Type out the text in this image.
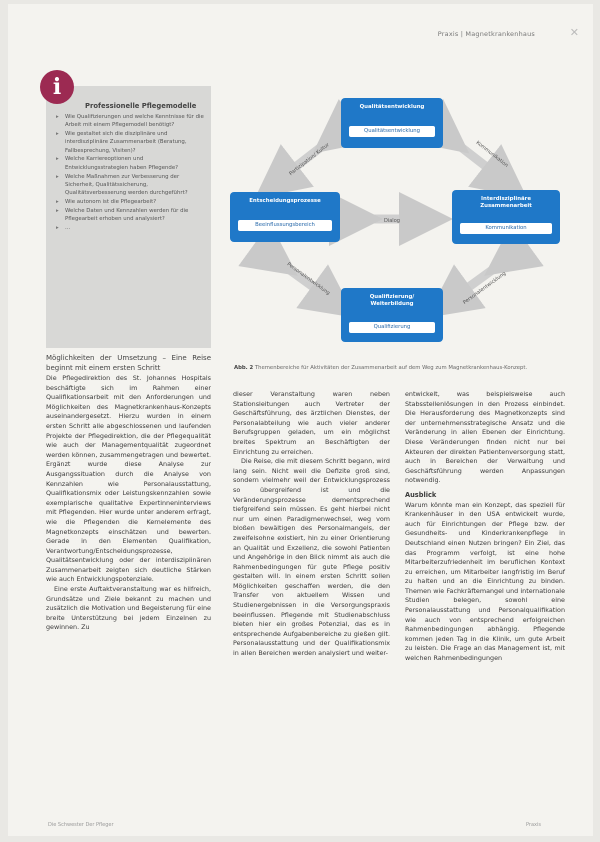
Praxis | Magnetkrankenhaus	✕
i
Professionelle Pflegemodelle
▸ Wie Qualifizierungen und welche Kenntnisse für die Arbeit mit einem Pflegemodell benötigt?
▸ Wie gestaltet sich die disziplinäre und interdisziplinäre Zusammenarbeit (Beratung, Fallbesprechung, Visiten)?
▸ Welche Karriereoptionen und Entwicklungsstrategien haben Pflegende?
▸ Welche Maßnahmen zur Verbesserung der Sicherheit, Qualitätssicherung, Qualitätsverbesserung werden durchgeführt?
▸ Wie autonom ist die Pflegearbeit?
▸ Welche Daten und Kennzahlen werden für die Pflegearbeit erhoben und analysiert?
▸ ...
Partizipation/ Kultur	Kommunikation
Dialog
Personalentwicklung	Personalentwicklung
Qualitätsentwicklung
Qualitätsentwicklung
Entscheidungsprozesse
Beeinflussungsbereich
Interdisziplinäre Zusammenarbeit
Kommunikation
Qualifizierung/ Weiterbildung
Qualifizierung
Abb. 2 Themenbereiche für Aktivitäten der Zusammenarbeit auf dem Weg zum Magnetkrankenhaus-Konzept.
Möglichkeiten der Umsetzung – Eine Reise beginnt mit einem ersten Schritt

Die Pflegedirektion des St. Johannes Hospitals beschäftigte sich im Rahmen einer Qualifikationsarbeit mit den Anforderungen und Möglichkeiten des Magnetkrankenhaus-Konzepts auseinandergesetzt. Hierzu wurden in einem ersten Schritt alle abgeschlossenen und laufenden Projekte der Pflegedirektion, die der Pflegequalität wie auch der Managementqualität zugeordnet werden können, zusammengetragen und bewertet. Ergänzt wurde diese Analyse zur Ausgangssituation durch die Analyse von Kennzahlen wie Personalausstattung, Qualifikationsmix oder Leistungskennzahlen sowie exemplarische qualitative Expertinneninterviews mit Pflegenden. Hier wurde unter anderem erfragt, wie die Pflegenden die Kernelemente des Magnetkonzepts einschätzen und bewerten. Gerade in den Elementen Qualifikation, Verantwortung/Entscheidungsprozesse, Qualitätsentwicklung oder der interdisziplinären Zusammenarbeit zeigten sich deutliche Stärken wie auch Entwicklungspotenziale.

Eine erste Auftaktveranstaltung war es hilfreich, Grundsätze und Ziele bekannt zu machen und zusätzlich die Motivation und Begeisterung für eine breite Unterstützung bei jedem Einzelnen zu gewinnen. Zu

dieser Veranstaltung waren neben Stationsleitungen auch Vertreter der Geschäftsführung, des ärztlichen Dienstes, der Personalabteilung wie auch vieler anderer Berufsgruppen geladen, um ein möglichst breites Spektrum an Beschäftigten der Einrichtung zu erreichen.

Die Reise, die mit diesem Schritt begann, wird lang sein. Nicht weil die Defizite groß sind, sondern vielmehr weil der Entwicklungsprozess so übergreifend ist und die Veränderungsprozesse dementsprechend tiefgreifend sein müssen. Es geht hierbei nicht nur um einen Paradigmenwechsel, weg vom bloßen bewältigen des Personalmangels, der zweifelsohne existiert, hin zu einer Orientierung an Qualität und Exzellenz, die sowohl Patienten und Angehörige in den Blick nimmt als auch die Rahmenbedingungen für gute Pflege positiv gestalten will. In einem ersten Schritt sollen Möglichkeiten geschaffen werden, die den Transfer von aktuellem Wissen und Studienergebnissen in die Versorgungspraxis beeinflussen. Pflegende mit Studienabschluss bieten hier ein großes Potenzial, das es in entsprechende Aufgabenbereiche zu gießen gilt. Personalausstattung und der Qualifikationsmix in allen Bereichen werden analysiert und weiter-

entwickelt, was beispielsweise auch Stabsstellenlösungen in den Prozess einbindet. Die Herausforderung des Magnetkonzepts sind der unternehmensstrategische Ansatz und die Veränderung in allen Ebenen der Einrichtung. Diese Veränderungen finden nicht nur bei Akteuren der direkten Patientenversorgung statt, auch in Bereichen der Verwaltung und Geschäftsführung werden Anpassungen notwendig.

Ausblick

Warum könnte man ein Konzept, das speziell für Krankenhäuser in den USA entwickelt wurde, auch für Einrichtungen der Pflege bzw. der Gesundheits- und Kinderkrankenpflege in Deutschland einen Nutzen bringen? Ein Ziel, das das Programm verfolgt, ist eine hohe Mitarbeiterzufriedenheit im beruflichen Kontext zu erreichen, um Mitarbeiter langfristig im Beruf zu halten und an die Einrichtung zu binden. Themen wie Fachkräftemangel und internationale Studien belegen, sowohl eine Personalausstattung und Personalqualifikation wie auch von entsprechend erfolgreichen Rahmenbedingungen abhängig. Pflegende kommen jeden Tag in die Klinik, um gute Arbeit zu leisten. Die Frage an das Management ist, mit welchen Rahmenbedingungen

Die Schwester Der Pfleger	Praxis
